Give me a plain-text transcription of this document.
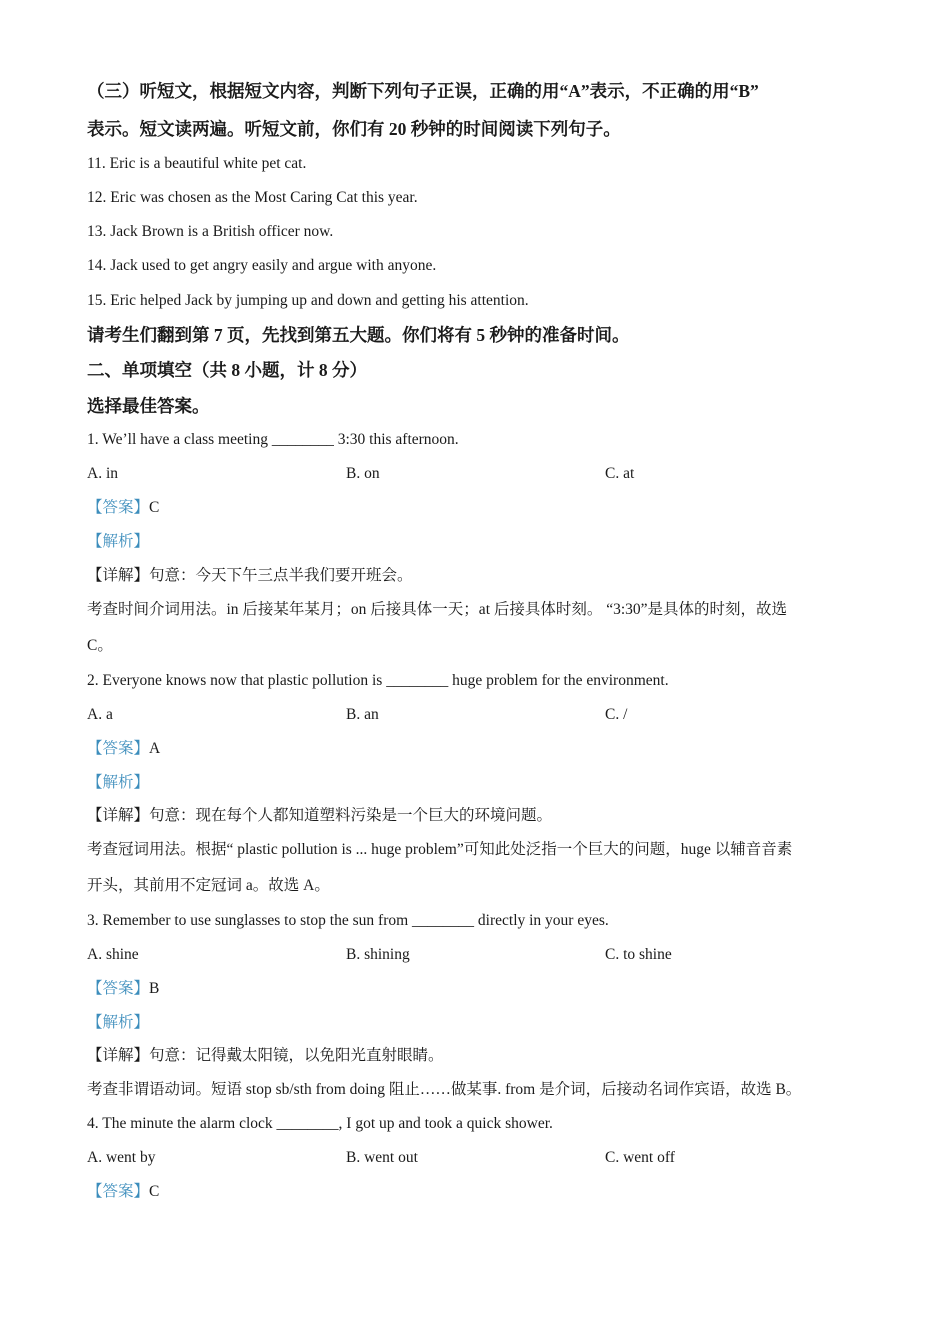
（三）听短文，根据短文内容，判断下列句子正误，正确的用“A”表示，不正确的用“B”
表示。短文读两遍。听短文前，你们有 20 秒钟的时间阅读下列句子。
11. Eric is a beautiful white pet cat.
12. Eric was chosen as the Most Caring Cat this year.
13. Jack Brown is a British officer now.
14. Jack used to get angry easily and argue with anyone.
15. Eric helped Jack by jumping up and down and getting his attention.
请考生们翻到第 7 页，先找到第五大题。你们将有 5 秒钟的准备时间。
二、单项填空（共 8 小题，计 8 分）
选择最佳答案。
1. We’ll have a class meeting ________ 3:30 this afternoon.
A. in	B. on	C. at
【答案】C
【解析】
【详解】句意：今天下午三点半我们要开班会。
考查时间介词用法。in 后接某年某月；on 后接具体一天；at 后接具体时刻。 “3:30”是具体的时刻，故选
C。
2. Everyone knows now that plastic pollution is ________ huge problem for the environment.
A. a	B. an	C. /
【答案】A
【解析】
【详解】句意：现在每个人都知道塑料污染是一个巨大的环境问题。
考查冠词用法。根据“ plastic pollution is ... huge problem”可知此处泛指一个巨大的问题，huge 以辅音音素
开头，其前用不定冠词 a。故选 A。
3. Remember to use sunglasses to stop the sun from ________ directly in your eyes.
A. shine	B. shining	C. to shine
【答案】B
【解析】
【详解】句意：记得戴太阳镜，以免阳光直射眼睛。
考查非谓语动词。短语 stop sb/sth from doing 阻止……做某事. from 是介词，后接动名词作宾语，故选 B。
4. The minute the alarm clock ________, I got up and took a quick shower.
A. went by	B. went out	C. went off
【答案】C
